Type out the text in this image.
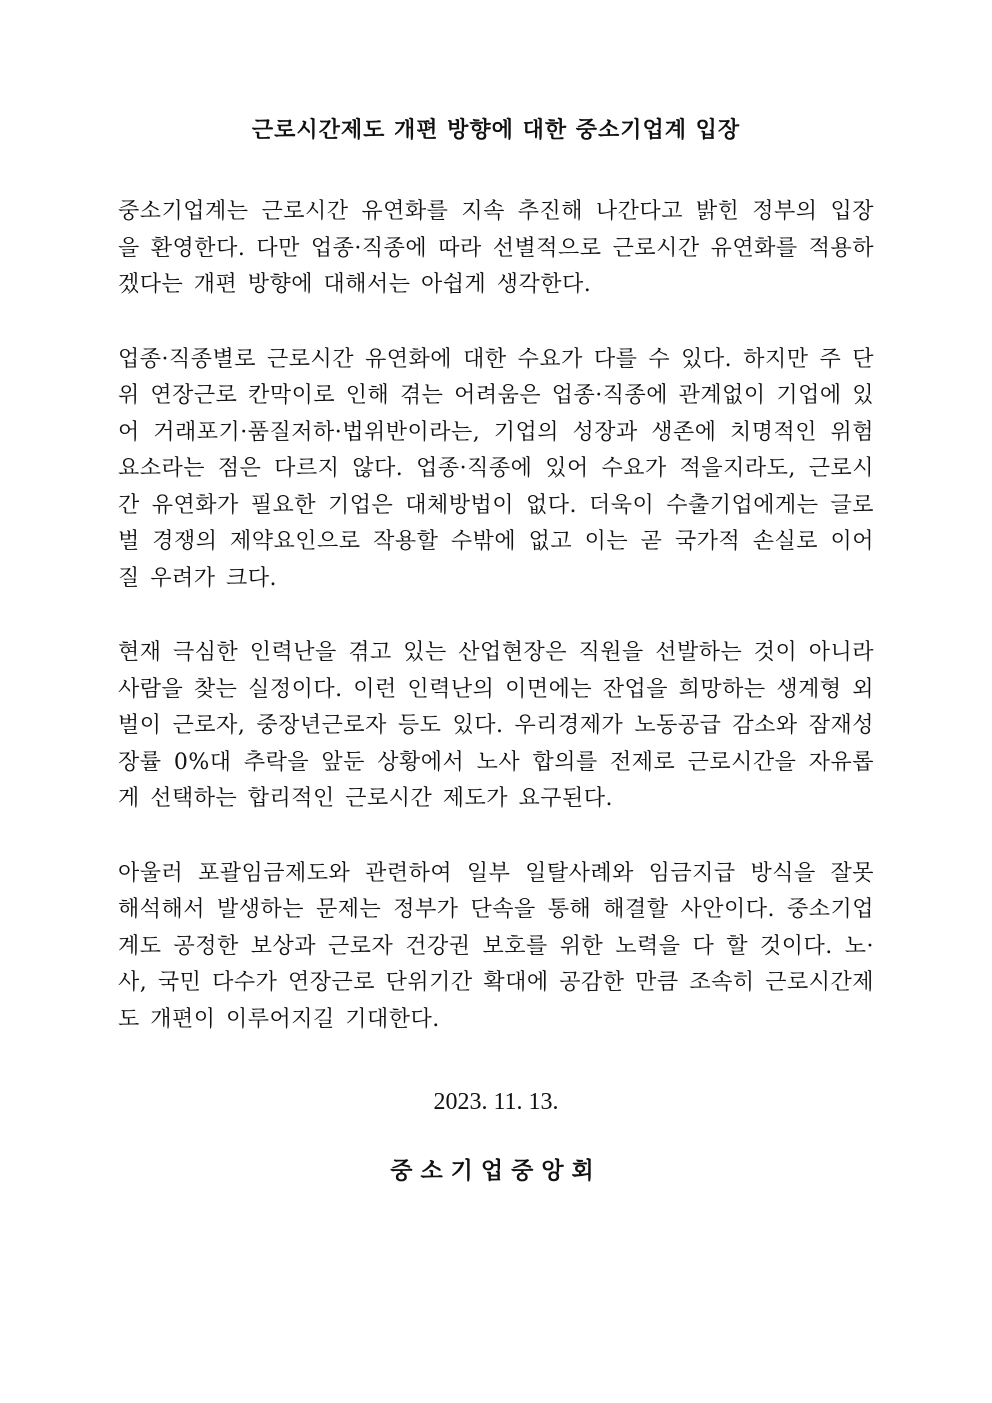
근로시간제도 개편 방향에 대한 중소기업계 입장

중소기업계는 근로시간 유연화를 지속 추진해 나간다고 밝힌 정부의 입장을 환영한다. 다만 업종·직종에 따라 선별적으로 근로시간 유연화를 적용하겠다는 개편 방향에 대해서는 아쉽게 생각한다.

업종·직종별로 근로시간 유연화에 대한 수요가 다를 수 있다. 하지만 주 단위 연장근로 칸막이로 인해 겪는 어려움은 업종·직종에 관계없이 기업에 있어 거래포기·품질저하·법위반이라는, 기업의 성장과 생존에 치명적인 위험요소라는 점은 다르지 않다. 업종·직종에 있어 수요가 적을지라도, 근로시간 유연화가 필요한 기업은 대체방법이 없다. 더욱이 수출기업에게는 글로벌 경쟁의 제약요인으로 작용할 수밖에 없고 이는 곧 국가적 손실로 이어질 우려가 크다.

현재 극심한 인력난을 겪고 있는 산업현장은 직원을 선발하는 것이 아니라 사람을 찾는 실정이다. 이런 인력난의 이면에는 잔업을 희망하는 생계형 외벌이 근로자, 중장년근로자 등도 있다. 우리경제가 노동공급 감소와 잠재성장률 0%대 추락을 앞둔 상황에서 노사 합의를 전제로 근로시간을 자유롭게 선택하는 합리적인 근로시간 제도가 요구된다.

아울러 포괄임금제도와 관련하여 일부 일탈사례와 임금지급 방식을 잘못 해석해서 발생하는 문제는 정부가 단속을 통해 해결할 사안이다. 중소기업계도 공정한 보상과 근로자 건강권 보호를 위한 노력을 다 할 것이다. 노·사, 국민 다수가 연장근로 단위기간 확대에 공감한 만큼 조속히 근로시간제도 개편이 이루어지길 기대한다.

2023. 11. 13.
중소기업중앙회
